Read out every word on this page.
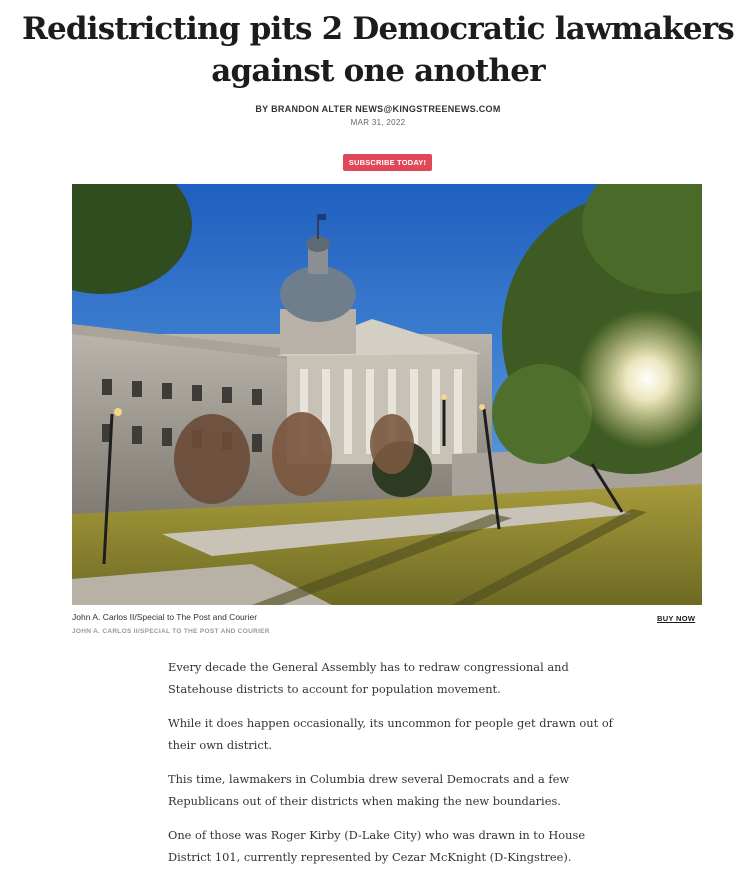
Redistricting pits 2 Democratic lawmakers against one another
BY BRANDON ALTER NEWS@KINGSTREENEWS.COM
MAR 31, 2022
SUBSCRIBE TODAY!
John A. Carlos II/Special to The Post and Courier
JOHN A. CARLOS II/SPECIAL TO THE POST AND COURIER
BUY NOW

Every decade the General Assembly has to redraw congressional and Statehouse districts to account for population movement.

While it does happen occasionally, its uncommon for people get drawn out of their own district.

This time, lawmakers in Columbia drew several Democrats and a few Republicans out of their districts when making the new boundaries.

One of those was Roger Kirby (D-Lake City) who was drawn in to House District 101, currently represented by Cezar McKnight (D-Kingstree).
